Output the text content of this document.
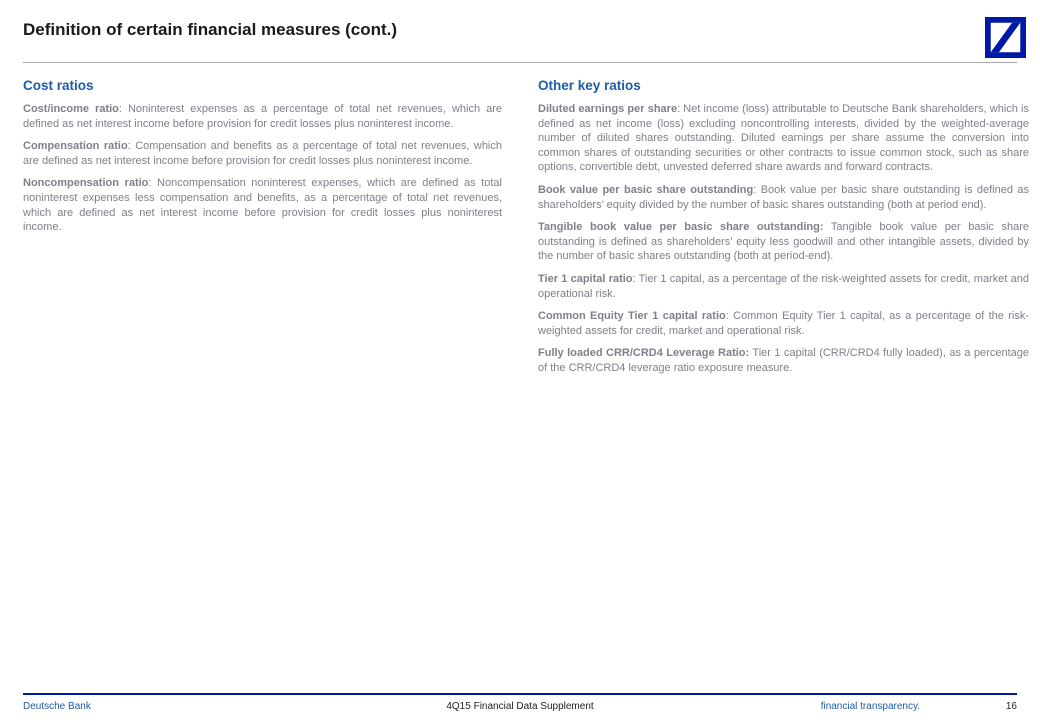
Definition of certain financial measures (cont.)
Cost ratios

Cost/income ratio: Noninterest expenses as a percentage of total net revenues, which are defined as net interest income before provision for credit losses plus noninterest income.

Compensation ratio: Compensation and benefits as a percentage of total net revenues, which are defined as net interest income before provision for credit losses plus noninterest income.

Noncompensation ratio: Noncompensation noninterest expenses, which are defined as total noninterest expenses less compensation and benefits, as a percentage of total net revenues, which are defined as net interest income before provision for credit losses plus noninterest income.

Other key ratios

Diluted earnings per share: Net income (loss) attributable to Deutsche Bank shareholders, which is defined as net income (loss) excluding noncontrolling interests, divided by the weighted-average number of diluted shares outstanding. Diluted earnings per share assume the conversion into common shares of outstanding securities or other contracts to issue common stock, such as share options, convertible debt, unvested deferred share awards and forward contracts.

Book value per basic share outstanding: Book value per basic share outstanding is defined as shareholders’ equity divided by the number of basic shares outstanding (both at period end).

Tangible book value per basic share outstanding: Tangible book value per basic share outstanding is defined as shareholders’ equity less goodwill and other intangible assets, divided by the number of basic shares outstanding (both at period-end).

Tier 1 capital ratio: Tier 1 capital, as a percentage of the risk-weighted assets for credit, market and operational risk.

Common Equity Tier 1 capital ratio: Common Equity Tier 1 capital, as a percentage of the risk-weighted assets for credit, market and operational risk.

Fully loaded CRR/CRD4 Leverage Ratio: Tier 1 capital (CRR/CRD4 fully loaded), as a percentage of the CRR/CRD4 leverage ratio exposure measure.

Deutsche Bank	4Q15 Financial Data Supplement	financial transparency.	16
